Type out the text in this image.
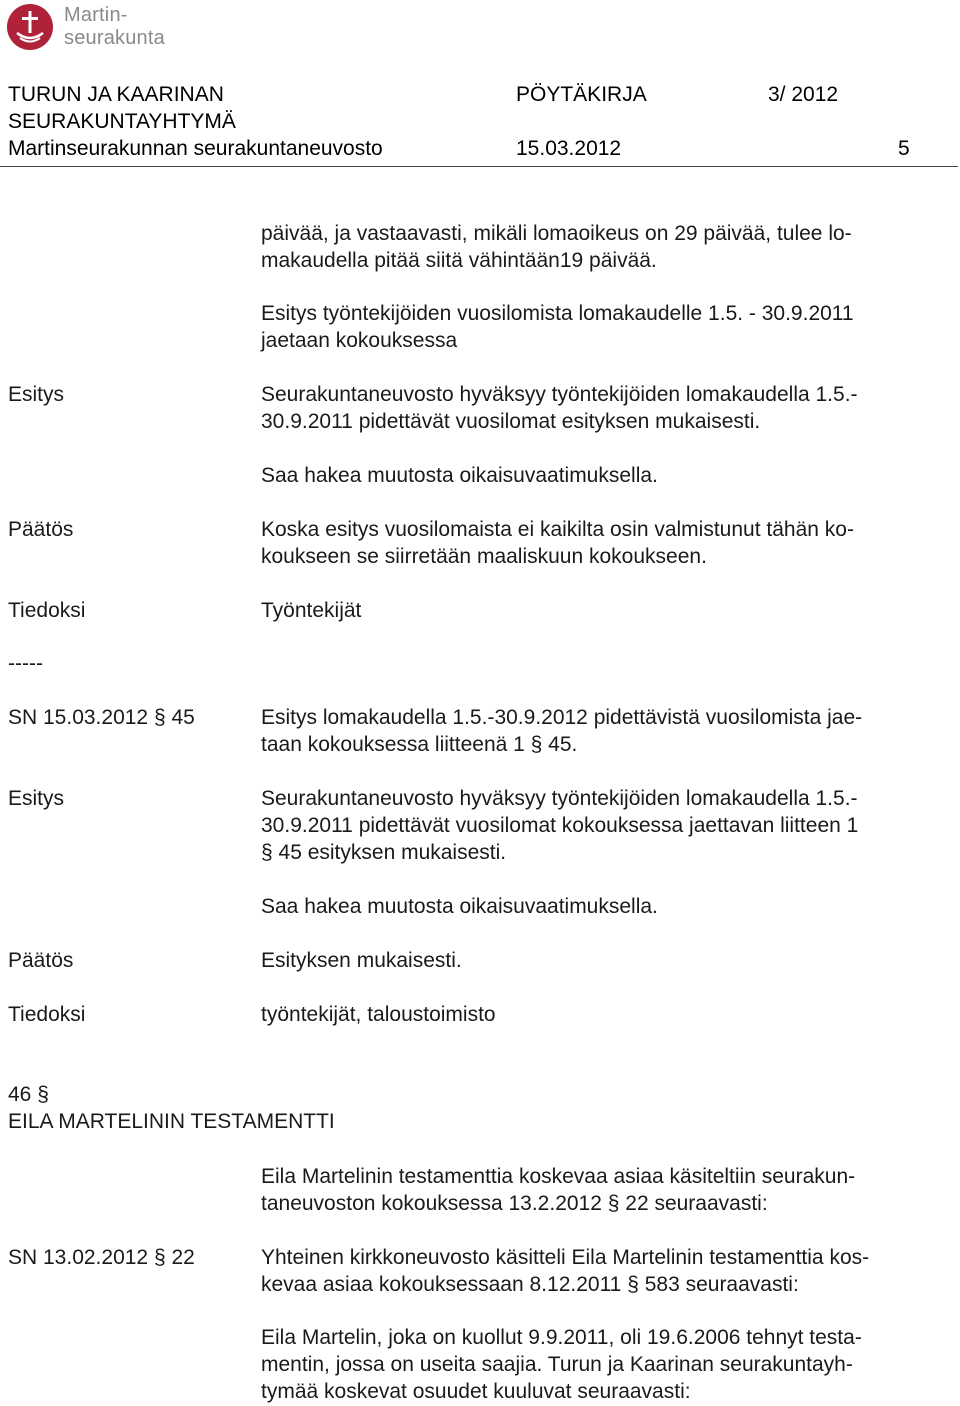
Martin-
seurakunta
TURUN JA KAARINAN	PÖYTÄKIRJA	3/ 2012
SEURAKUNTAYHTYMÄ
Martinseurakunnan seurakuntaneuvosto	15.03.2012	5
päivää, ja vastaavasti, mikäli lomaoikeus on 29 päivää, tulee lo-
makaudella pitää siitä vähintään19 päivää.
Esitys työntekijöiden vuosilomista lomakaudelle 1.5. - 30.9.2011
jaetaan kokouksessa
Esitys	Seurakuntaneuvosto hyväksyy työntekijöiden lomakaudella 1.5.-
30.9.2011 pidettävät vuosilomat esityksen mukaisesti.
Saa hakea muutosta oikaisuvaatimuksella.
Päätös	Koska esitys vuosilomaista ei kaikilta osin valmistunut tähän ko-
koukseen se siirretään maaliskuun kokoukseen.
Tiedoksi	Työntekijät
-----
SN 15.03.2012 § 45	Esitys lomakaudella 1.5.-30.9.2012 pidettävistä vuosilomista jae-
taan kokouksessa liitteenä 1 § 45.
Esitys	Seurakuntaneuvosto hyväksyy työntekijöiden lomakaudella 1.5.-
30.9.2011 pidettävät vuosilomat kokouksessa jaettavan liitteen 1
§ 45 esityksen mukaisesti.
Saa hakea muutosta oikaisuvaatimuksella.
Päätös	Esityksen mukaisesti.
Tiedoksi	työntekijät, taloustoimisto
46 §
EILA MARTELININ TESTAMENTTI
Eila Martelinin testamenttia koskevaa asiaa käsiteltiin seurakun-
taneuvoston kokouksessa 13.2.2012 § 22 seuraavasti:
SN 13.02.2012 § 22	Yhteinen kirkkoneuvosto käsitteli Eila Martelinin testamenttia kos-
kevaa asiaa kokouksessaan 8.12.2011 § 583 seuraavasti:
Eila Martelin, joka on kuollut 9.9.2011, oli 19.6.2006 tehnyt testa-
mentin, jossa on useita saajia. Turun ja Kaarinan seurakuntayh-
tymää koskevat osuudet kuuluvat seuraavasti:
